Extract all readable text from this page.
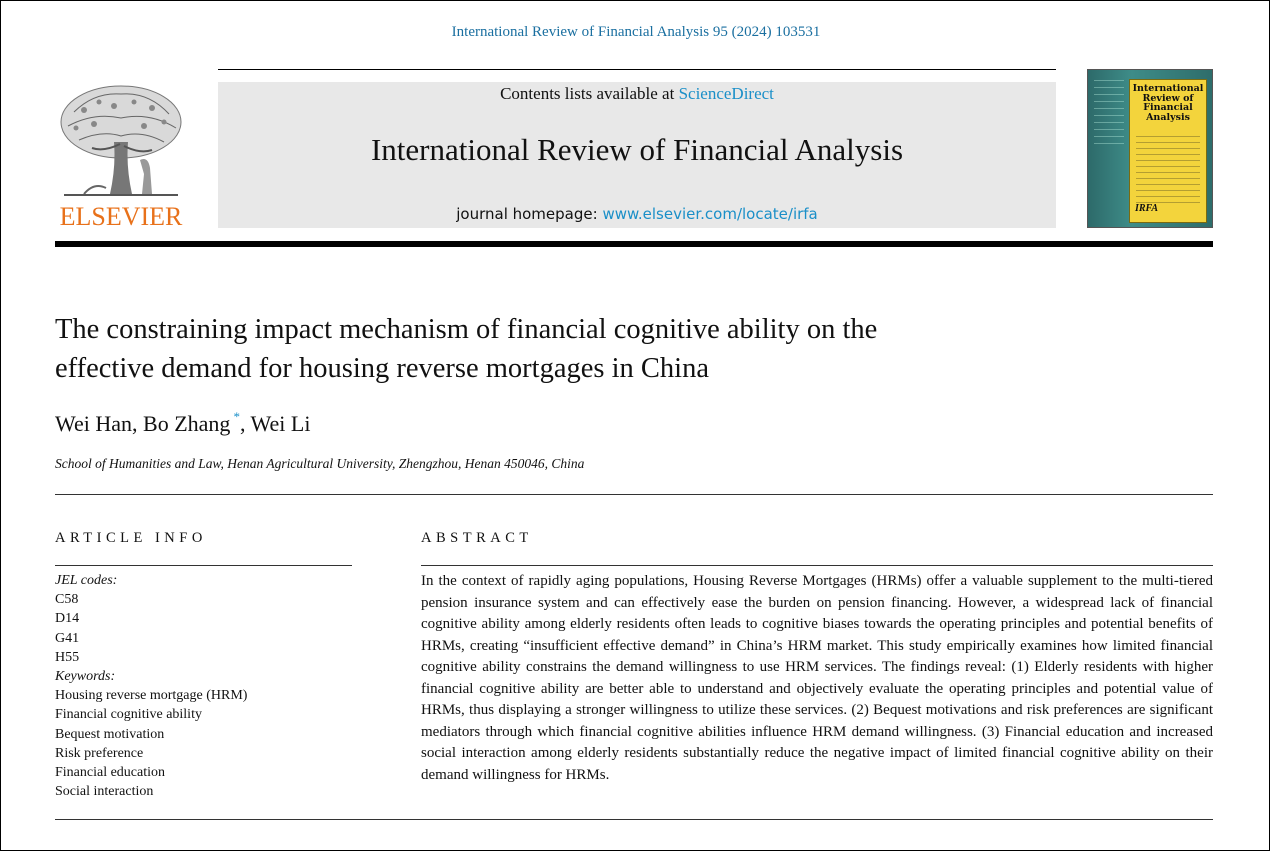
International Review of Financial Analysis 95 (2024) 103531
ELSEVIER
Contents lists available at ScienceDirect
International Review of Financial Analysis
journal homepage: www.elsevier.com/locate/irfa
International
Review of
Financial
Analysis
IRFA
The constraining impact mechanism of financial cognitive ability on the
effective demand for housing reverse mortgages in China
Wei Han, Bo Zhang *, Wei Li
School of Humanities and Law, Henan Agricultural University, Zhengzhou, Henan 450046, China
ARTICLE INFO	ABSTRACT
JEL codes:
C58
D14
G41
H55
Keywords:
Housing reverse mortgage (HRM)
Financial cognitive ability
Bequest motivation
Risk preference
Financial education
Social interaction
In the context of rapidly aging populations, Housing Reverse Mortgages (HRMs) offer a valuable supplement to the multi-tiered pension insurance system and can effectively ease the burden on pension financing. However, a widespread lack of financial cognitive ability among elderly residents often leads to cognitive biases towards the operating principles and potential benefits of HRMs, creating “insufficient effective demand” in China’s HRM market. This study empirically examines how limited financial cognitive ability constrains the demand willingness to use HRM services. The findings reveal: (1) Elderly residents with higher financial cognitive ability are better able to understand and objectively evaluate the operating principles and potential value of HRMs, thus displaying a stronger willingness to utilize these services. (2) Bequest motivations and risk preferences are significant mediators through which financial cognitive abilities influence HRM demand willingness. (3) Financial education and increased social interaction among elderly residents substantially reduce the negative impact of limited financial cognitive ability on their demand willingness for HRMs.
